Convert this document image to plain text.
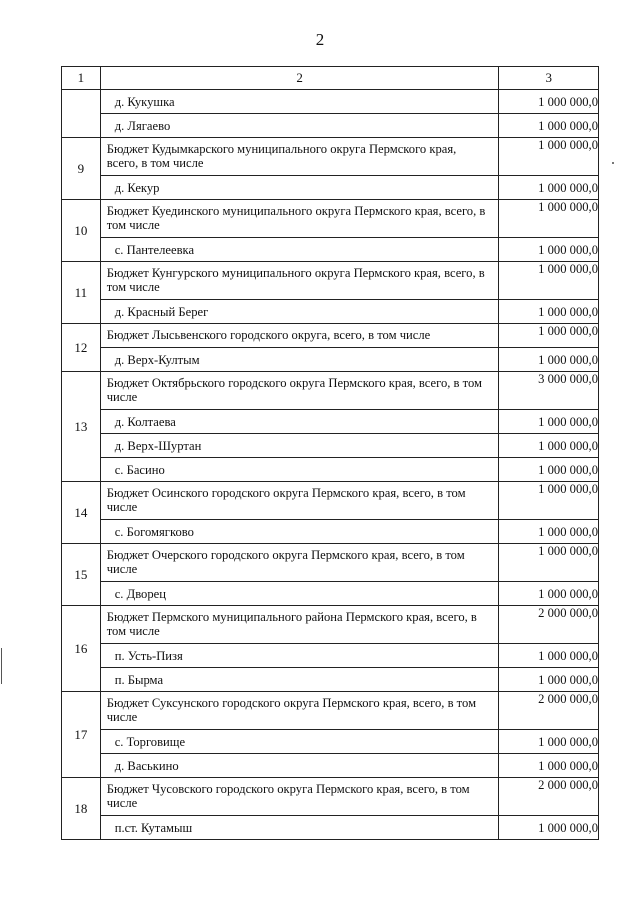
2
1	2	3
	д. Кукушка	1 000 000,0
	д. Лягаево	1 000 000,0
9	Бюджет Кудымкарского муниципального округа Пермского края, всего, в том числе	1 000 000,0
	д. Кекур	1 000 000,0
10	Бюджет Куединского муниципального округа Пермского края, всего, в том числе	1 000 000,0
	с. Пантелеевка	1 000 000,0
11	Бюджет Кунгурского муниципального округа Пермского края, всего, в том числе	1 000 000,0
	д. Красный Берег	1 000 000,0
12	Бюджет Лысьвенского городского округа, всего, в том числе	1 000 000,0
	д. Верх-Култым	1 000 000,0
13	Бюджет Октябрьского городского округа Пермского края, всего, в том числе	3 000 000,0
	д. Колтаева	1 000 000,0
	д. Верх-Шуртан	1 000 000,0
	с. Басино	1 000 000,0
14	Бюджет Осинского городского округа Пермского края, всего, в том числе	1 000 000,0
	с. Богомягково	1 000 000,0
15	Бюджет Очерского городского округа Пермского края, всего, в том числе	1 000 000,0
	с. Дворец	1 000 000,0
16	Бюджет Пермского муниципального района Пермского края, всего, в том числе	2 000 000,0
	п. Усть-Пизя	1 000 000,0
	п. Бырма	1 000 000,0
17	Бюджет Суксунского городского округа Пермского края, всего, в том числе	2 000 000,0
	с. Торговище	1 000 000,0
	д. Васькино	1 000 000,0
18	Бюджет Чусовского городского округа Пермского края, всего, в том числе	2 000 000,0
	п.ст. Кутамыш	1 000 000,0
